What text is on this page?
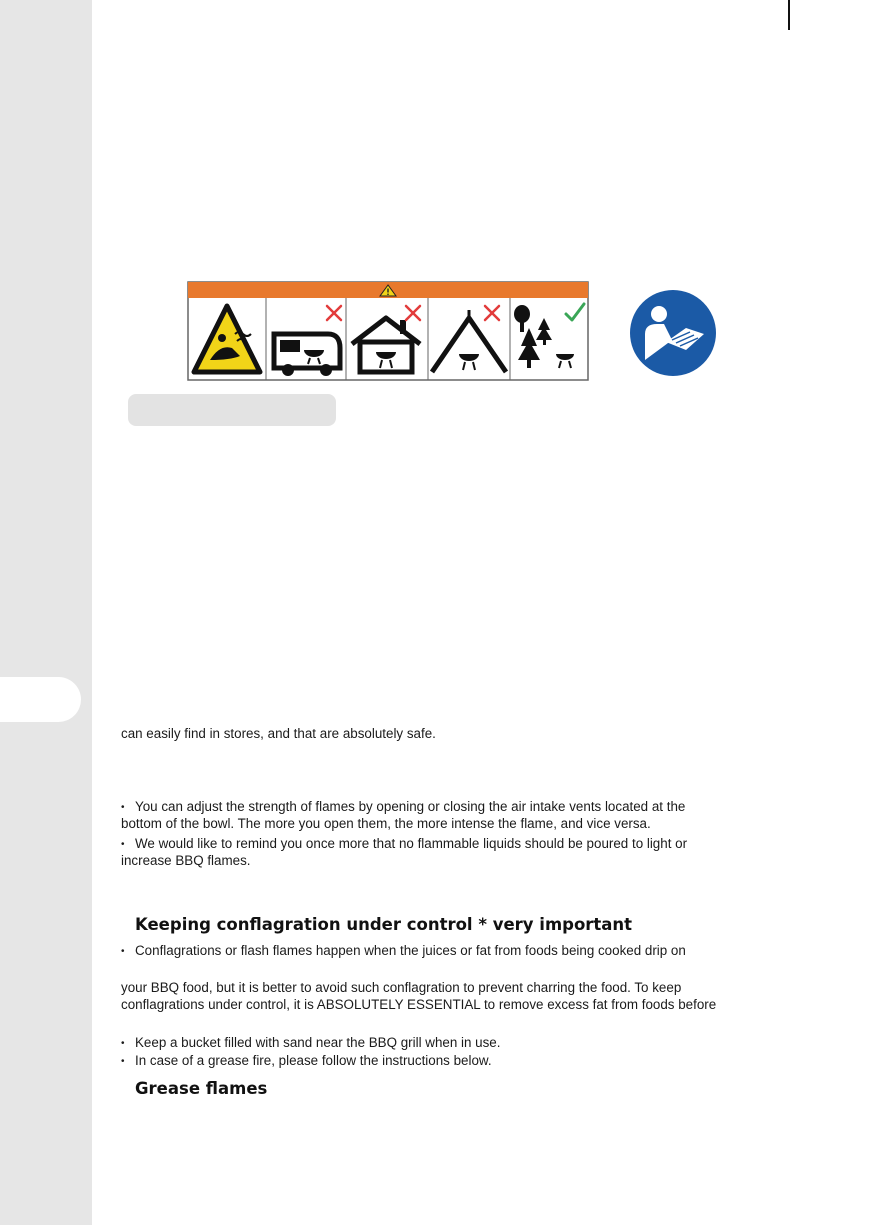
can easily find in stores, and that are absolutely safe.
• You can adjust the strength of flames by opening or closing the air intake vents located at the
bottom of the bowl. The more you open them, the more intense the flame, and vice versa.
• We would like to remind you once more that no flammable liquids should be poured to light or
increase BBQ flames.
Keeping conflagration under control * very important
• Conflagrations or flash flames happen when the juices or fat from foods being cooked drip on
your BBQ food, but it is better to avoid such conflagration to prevent charring the food. To keep
conflagrations under control, it is ABSOLUTELY ESSENTIAL to remove excess fat from foods before
• Keep a bucket filled with sand near the BBQ grill when in use.
• In case of a grease fire, please follow the instructions below.
Grease flames
